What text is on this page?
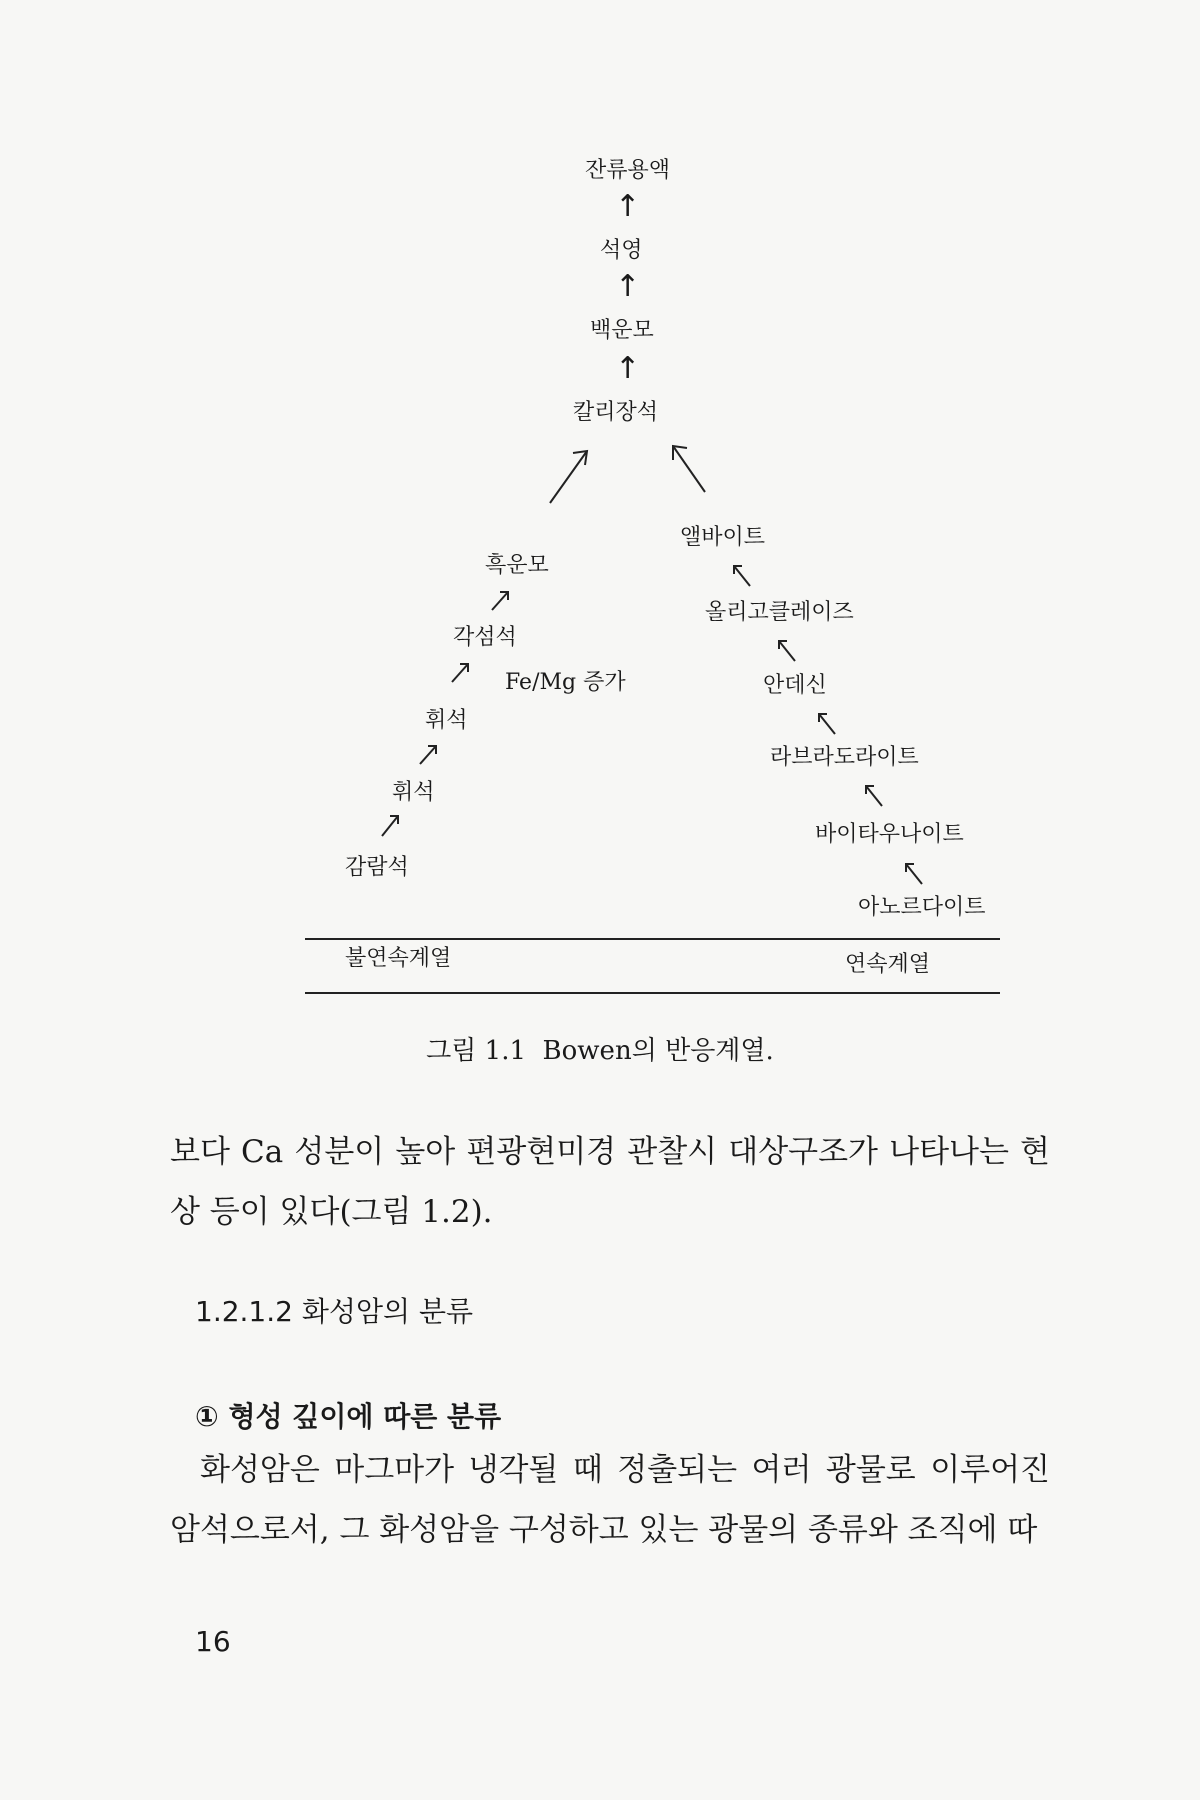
잔류용액
↑
석영
↑
백운모
↑
칼리장석
흑운모
각섬석
Fe/Mg 증가
휘석
휘석
감람석
앨바이트
올리고클레이즈
안데신
라브라도라이트
바이타우나이트
아노르다이트
불연속계열	연속계열
그림 1.1  Bowen의 반응계열.
보다 Ca 성분이 높아 편광현미경 관찰시 대상구조가 나타나는 현상 등이 있다(그림 1.2).
1.2.1.2 화성암의 분류
① 형성 깊이에 따른 분류
화성암은 마그마가 냉각될 때 정출되는 여러 광물로 이루어진 암석으로서, 그 화성암을 구성하고 있는 광물의 종류와 조직에 따
16
